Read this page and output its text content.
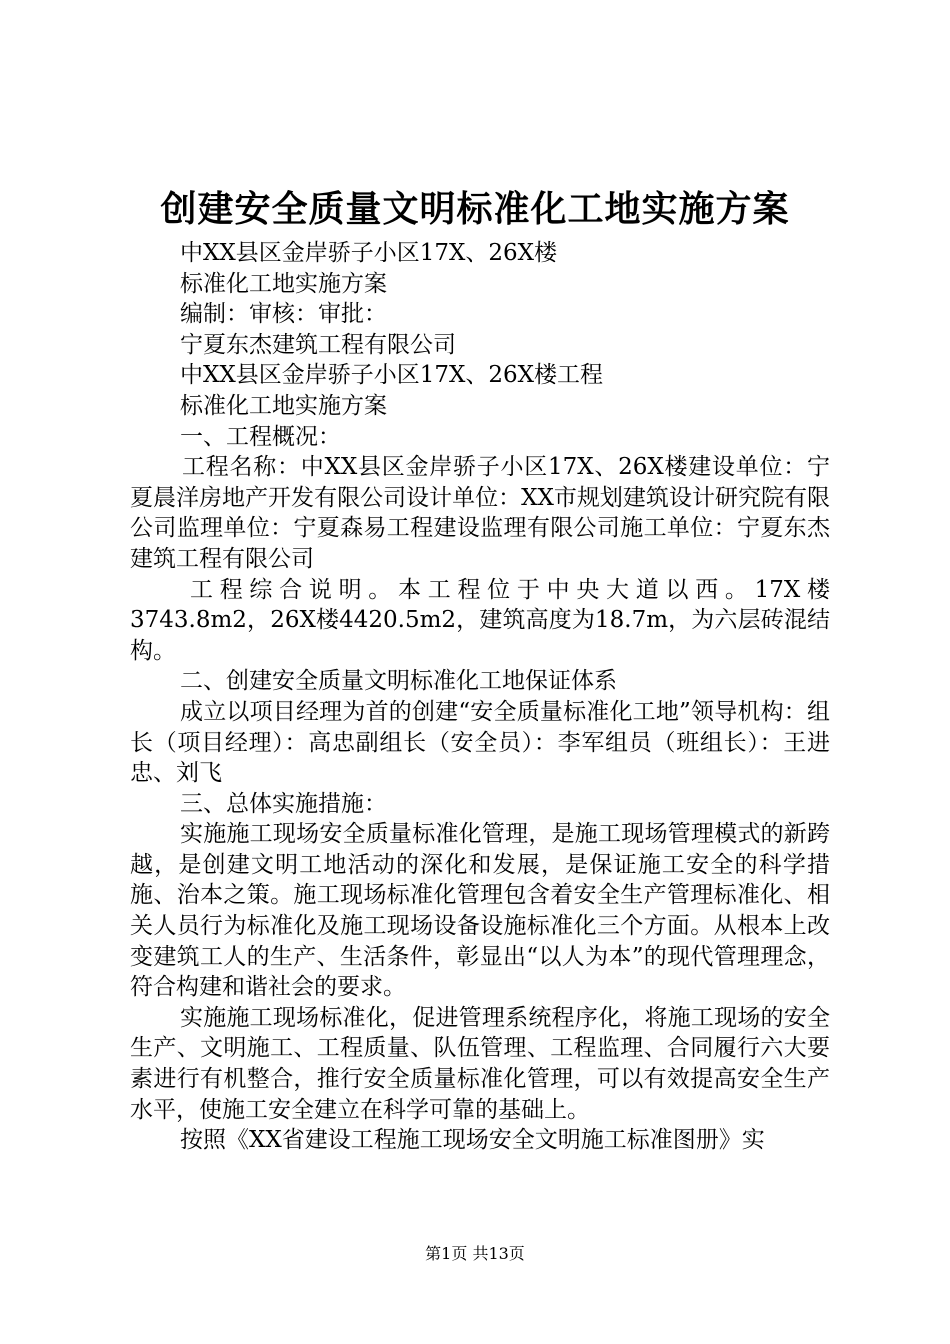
创建安全质量文明标准化工地实施方案
中XX县区金岸骄子小区17X、26X楼
标准化工地实施方案
编制：审核：审批：
宁夏东杰建筑工程有限公司
中XX县区金岸骄子小区17X、26X楼工程
标准化工地实施方案
一、工程概况：
工程名称：中XX县区金岸骄子小区17X、26X楼建设单位：宁夏晨洋房地产开发有限公司设计单位：XX市规划建筑设计研究院有限公司监理单位：宁夏森易工程建设监理有限公司施工单位：宁夏东杰建筑工程有限公司
工程综合说明。本工程位于中央大道以西。17X楼3743.8m2，26X楼4420.5m2，建筑高度为18.7m，为六层砖混结构。
二、创建安全质量文明标准化工地保证体系
成立以项目经理为首的创建“安全质量标准化工地”领导机构：组长（项目经理）：高忠副组长（安全员）：李军组员（班组长）：王进忠、刘飞
三、总体实施措施：
实施施工现场安全质量标准化管理，是施工现场管理模式的新跨越，是创建文明工地活动的深化和发展，是保证施工安全的科学措施、治本之策。施工现场标准化管理包含着安全生产管理标准化、相关人员行为标准化及施工现场设备设施标准化三个方面。从根本上改变建筑工人的生产、生活条件，彰显出“以人为本”的现代管理理念，符合构建和谐社会的要求。
实施施工现场标准化，促进管理系统程序化，将施工现场的安全生产、文明施工、工程质量、队伍管理、工程监理、合同履行六大要素进行有机整合，推行安全质量标准化管理，可以有效提高安全生产水平，使施工安全建立在科学可靠的基础上。
按照《XX省建设工程施工现场安全文明施工标准图册》实
第1页 共13页
